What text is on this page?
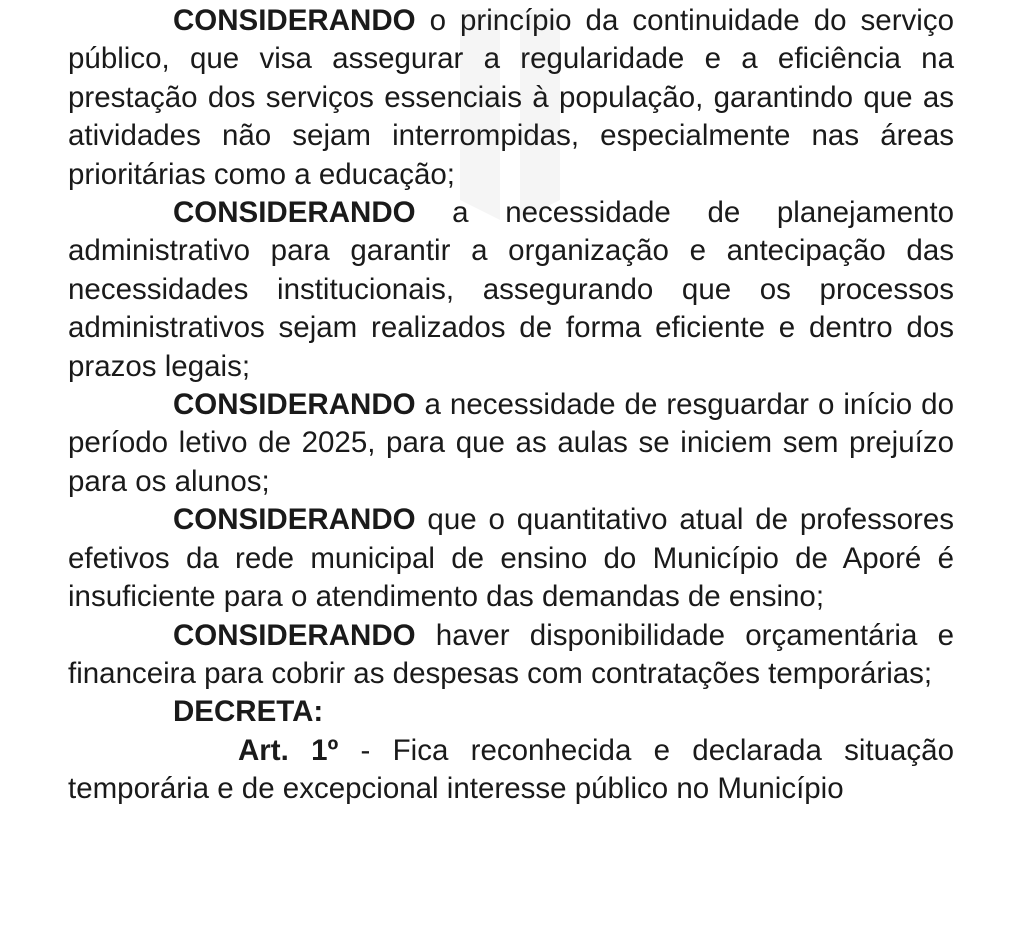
CONSIDERANDO o princípio da continuidade do serviço público, que visa assegurar a regularidade e a eficiência na prestação dos serviços essenciais à população, garantindo que as atividades não sejam interrompidas, especialmente nas áreas prioritárias como a educação;

CONSIDERANDO a necessidade de planejamento administrativo para garantir a organização e antecipação das necessidades institucionais, assegurando que os processos administrativos sejam realizados de forma eficiente e dentro dos prazos legais;

CONSIDERANDO a necessidade de resguardar o início do período letivo de 2025, para que as aulas se iniciem sem prejuízo para os alunos;

CONSIDERANDO que o quantitativo atual de professores efetivos da rede municipal de ensino do Município de Aporé é insuficiente para o atendimento das demandas de ensino;

CONSIDERANDO haver disponibilidade orçamentária e financeira para cobrir as despesas com contratações temporárias;

DECRETA:

Art. 1º - Fica reconhecida e declarada situação temporária e de excepcional interesse público no Município
